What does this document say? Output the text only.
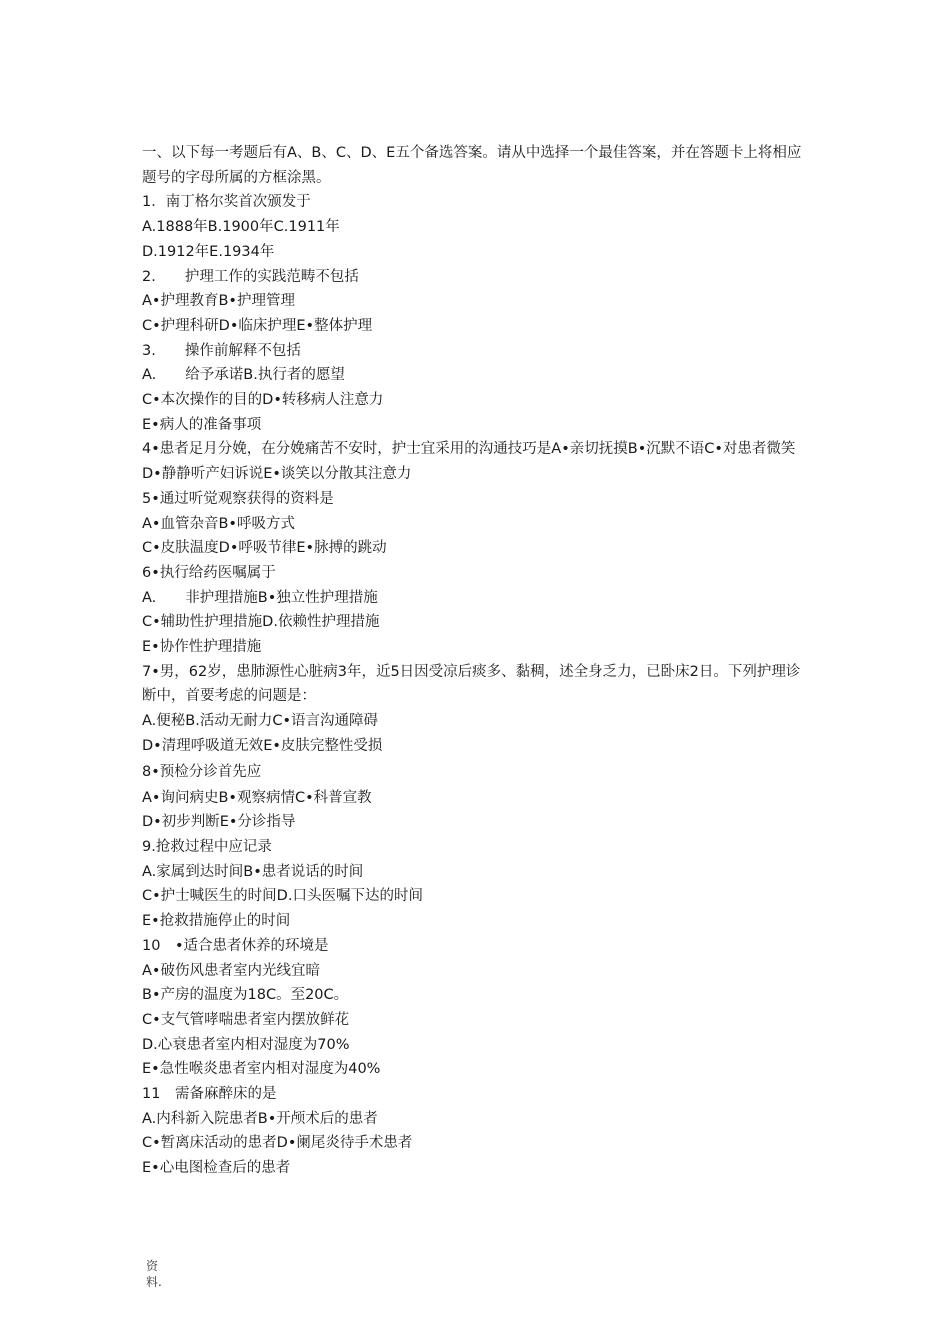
一、以下每一考题后有A、B、C、D、E五个备选答案。请从中选择一个最佳答案，并在答题卡上将相应题号的字母所属的方框涂黑。
1．南丁格尔奖首次颁发于
A.1888年B.1900年C.1911年
D.1912年E.1934年
2.　　护理工作的实践范畴不包括
A•护理教育B•护理管理
C•护理科研D•临床护理E•整体护理
3.　　操作前解释不包括
A.　　给予承诺B.执行者的愿望
C•本次操作的目的D•转移病人注意力
E•病人的准备事项
4•患者足月分娩，在分娩痛苦不安时，护士宜采用的沟通技巧是A•亲切抚摸B•沉默不语C•对患者微笑
D•静静听产妇诉说E•谈笑以分散其注意力
5•通过听觉观察获得的资料是
A•血管杂音B•呼吸方式
C•皮肤温度D•呼吸节律E•脉搏的跳动
6•执行给药医嘱属于
A.　　非护理措施B•独立性护理措施
C•辅助性护理措施D.依赖性护理措施
E•协作性护理措施
7•男，62岁，患肺源性心脏病3年，近5日因受凉后痰多、黏稠，述全身乏力，已卧床2日。下列护理诊断中，首要考虑的问题是：
A.便秘B.活动无耐力C•语言沟通障碍
D•清理呼吸道无效E•皮肤完整性受损
8•预检分诊首先应
A•询问病史B•观察病情C•科普宣教
D•初步判断E•分诊指导
9.抢救过程中应记录
A.家属到达时间B•患者说话的时间
C•护士喊医生的时间D.口头医嘱下达的时间
E•抢救措施停止的时间
10　•适合患者休养的环境是
A•破伤风患者室内光线宜暗
B•产房的温度为18C。至20C。
C•支气管哮喘患者室内摆放鲜花
D.心衰患者室内相对湿度为70%
E•急性喉炎患者室内相对湿度为40%
11　需备麻醉床的是
A.内科新入院患者B•开颅术后的患者
C•暂离床活动的患者D•阑尾炎待手术患者
E•心电图检查后的患者
资
料.
